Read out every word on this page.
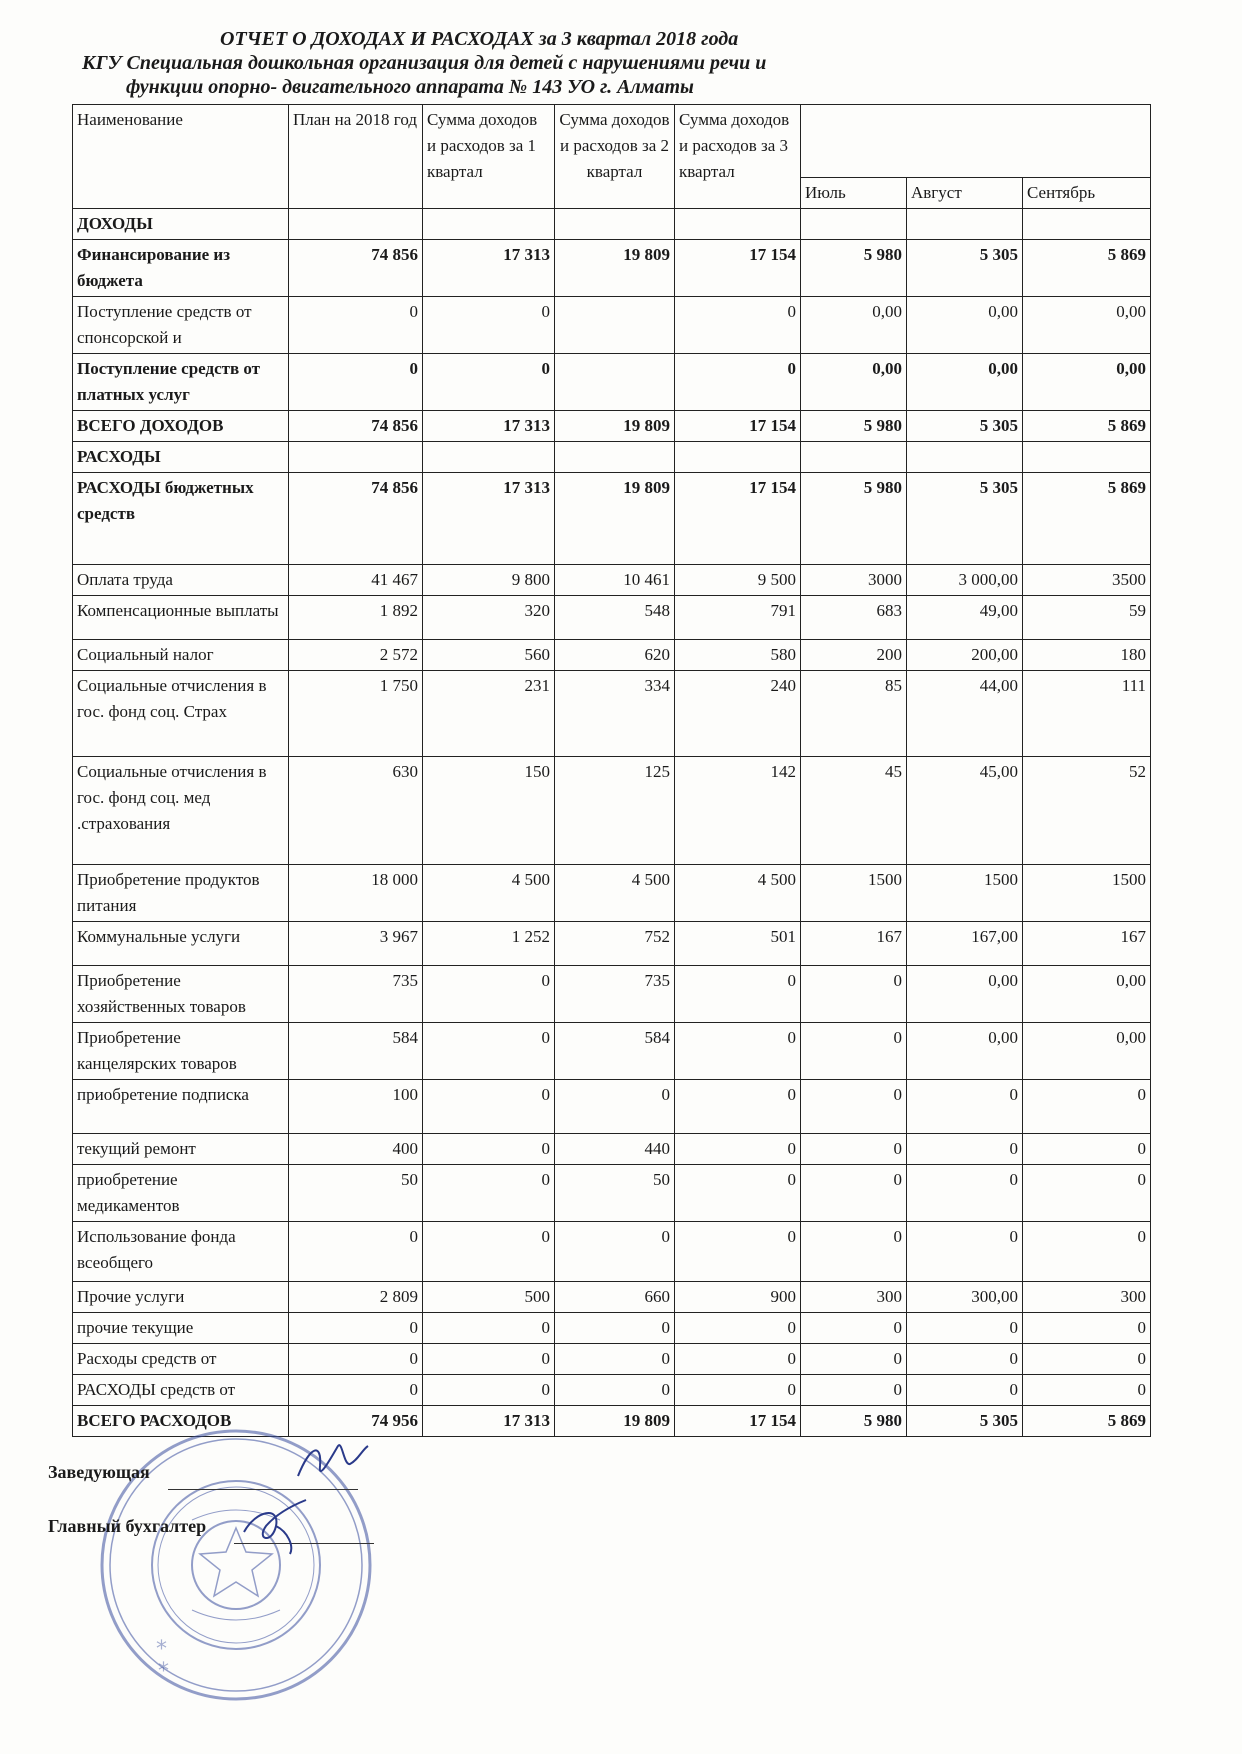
ОТЧЕТ О ДОХОДАХ И РАСХОДАХ за 3 квартал 2018 года
КГУ Специальная дошкольная организация для детей с нарушениями речи и
функции опорно- двигательного аппарата № 143 УО г. Алматы
Наименование	План на 2018 год	Сумма доходов и расходов за 1 квартал	Сумма доходов и расходов за 2 квартал	Сумма доходов и расходов за 3 квартал			

					Июль	Август	Сентябрь
ДОХОДЫ							
Финансирование из бюджета	74 856	17 313	19 809	17 154	5 980	5 305	5 869
Поступление средств от спонсорской и	0	0		0	0,00	0,00	0,00
Поступление средств от платных услуг	0	0		0	0,00	0,00	0,00
ВСЕГО ДОХОДОВ	74 856	17 313	19 809	17 154	5 980	5 305	5 869
РАСХОДЫ							
РАСХОДЫ бюджетных средств	74 856	17 313	19 809	17 154	5 980	5 305	5 869
Оплата труда	41 467	9 800	10 461	9 500	3000	3 000,00	3500
Компенсационные выплаты	1 892	320	548	791	683	49,00	59
Социальный налог	2 572	560	620	580	200	200,00	180
Социальные отчисления в гос. фонд соц. Страх	1 750	231	334	240	85	44,00	111
Социальные отчисления в гос. фонд соц. мед .страхования	630	150	125	142	45	45,00	52
Приобретение продуктов питания	18 000	4 500	4 500	4 500	1500	1500	1500
Коммунальные услуги	3 967	1 252	752	501	167	167,00	167
Приобретение хозяйственных товаров	735	0	735	0	0	0,00	0,00
Приобретение канцелярских товаров	584	0	584	0	0	0,00	0,00
приобретение подписка	100	0	0	0	0	0	0
текущий ремонт	400	0	440	0	0	0	0
приобретение медикаментов	50	0	50	0	0	0	0
Использование фонда всеобщего	0	0	0	0	0	0	0
Прочие услуги	2 809	500	660	900	300	300,00	300
прочие текущие	0	0	0	0	0	0	0
Расходы средств от	0	0	0	0	0	0	0
РАСХОДЫ средств от	0	0	0	0	0	0	0
ВСЕГО РАСХОДОВ	74 956	17 313	19 809	17 154	5 980	5 305	5 869
*
*
Заведующая
Главный бухгалтер
